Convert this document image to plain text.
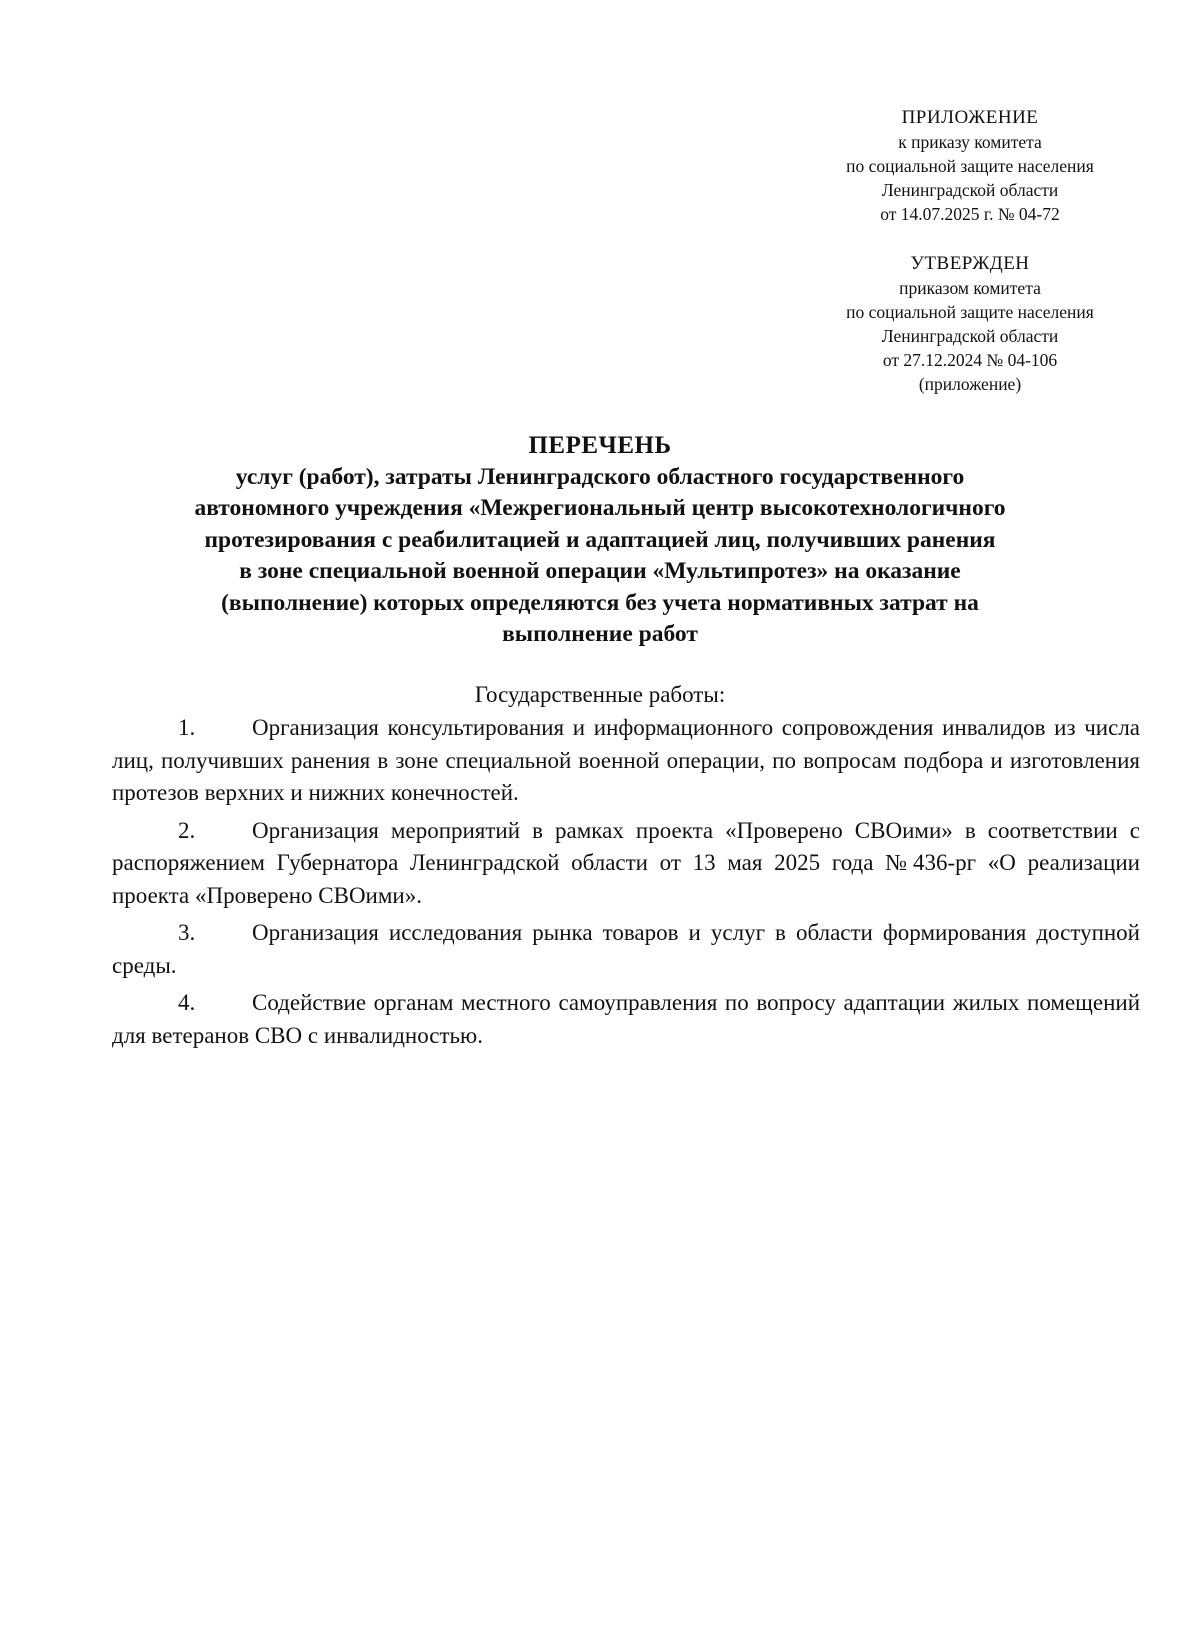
ПРИЛОЖЕНИЕ
к приказу комитета
по социальной защите населения
Ленинградской области
от 14.07.2025 г. № 04-72
УТВЕРЖДЕН
приказом комитета
по социальной защите населения
Ленинградской области
от 27.12.2024 № 04-106
(приложение)
ПЕРЕЧЕНЬ
услуг (работ), затраты Ленинградского областного государственного
автономного учреждения «Межрегиональный центр высокотехнологичного
протезирования с реабилитацией и адаптацией лиц, получивших ранения
в зоне специальной военной операции «Мультипротез» на оказание
(выполнение) которых определяются без учета нормативных затрат на
выполнение работ
Государственные работы:

1. Организация консультирования и информационного сопровождения инвалидов из числа лиц, получивших ранения в зоне специальной военной операции, по вопросам подбора и изготовления протезов верхних и нижних конечностей.

2. Организация мероприятий в рамках проекта «Проверено СВОими» в соответствии с распоряжением Губернатора Ленинградской области от 13 мая 2025 года №436-рг «О реализации проекта «Проверено СВОими».

3. Организация исследования рынка товаров и услуг в области формирования доступной среды.

4. Содействие органам местного самоуправления по вопросу адаптации жилых помещений для ветеранов СВО с инвалидностью.
